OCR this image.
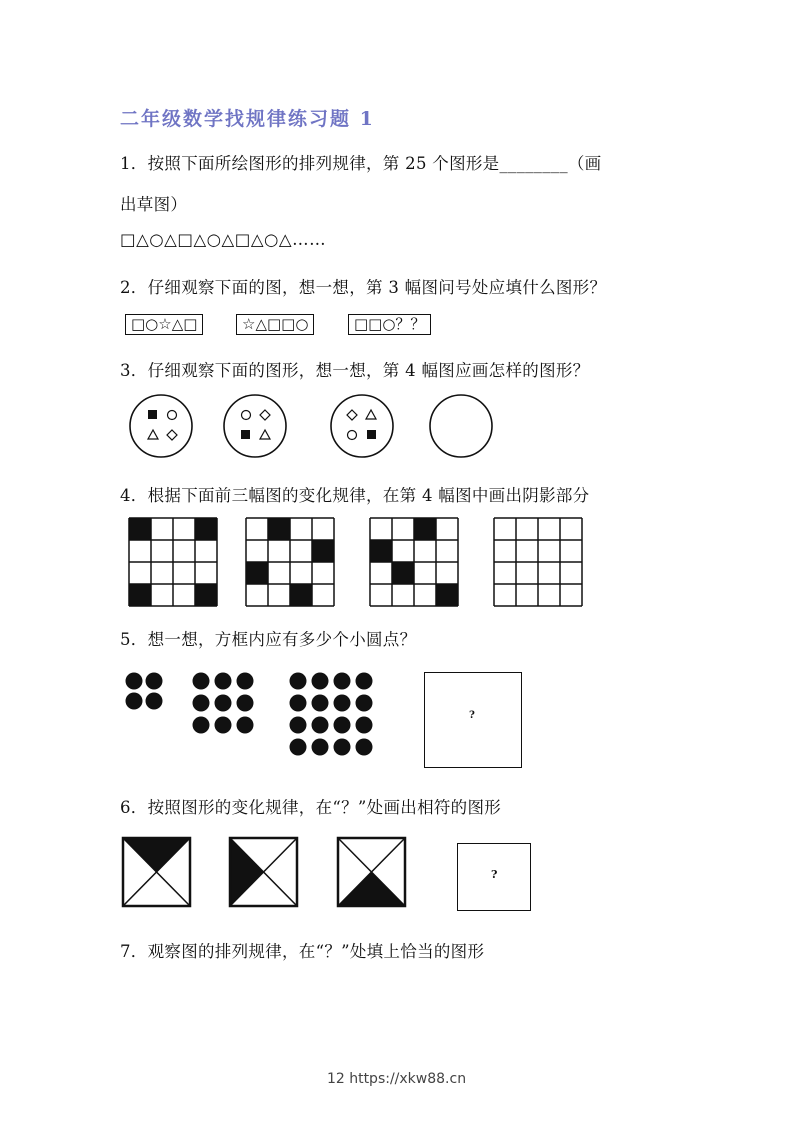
二年级数学找规律练习题 1
1．按照下面所绘图形的排列规律，第 25 个图形是________（画
出草图）
□△○△□△○△□△○△……
2．仔细观察下面的图，想一想，第 3 幅图问号处应填什么图形？
□○☆△□	☆△□□○	□□○？？
3．仔细观察下面的图形，想一想，第 4 幅图应画怎样的图形？
4．根据下面前三幅图的变化规律，在第 4 幅图中画出阴影部分
5．想一想，方框内应有多少个小圆点？
?
6．按照图形的变化规律，在“？”处画出相符的图形
?
7．观察图的排列规律，在“？”处填上恰当的图形
12 https://xkw88.cn
